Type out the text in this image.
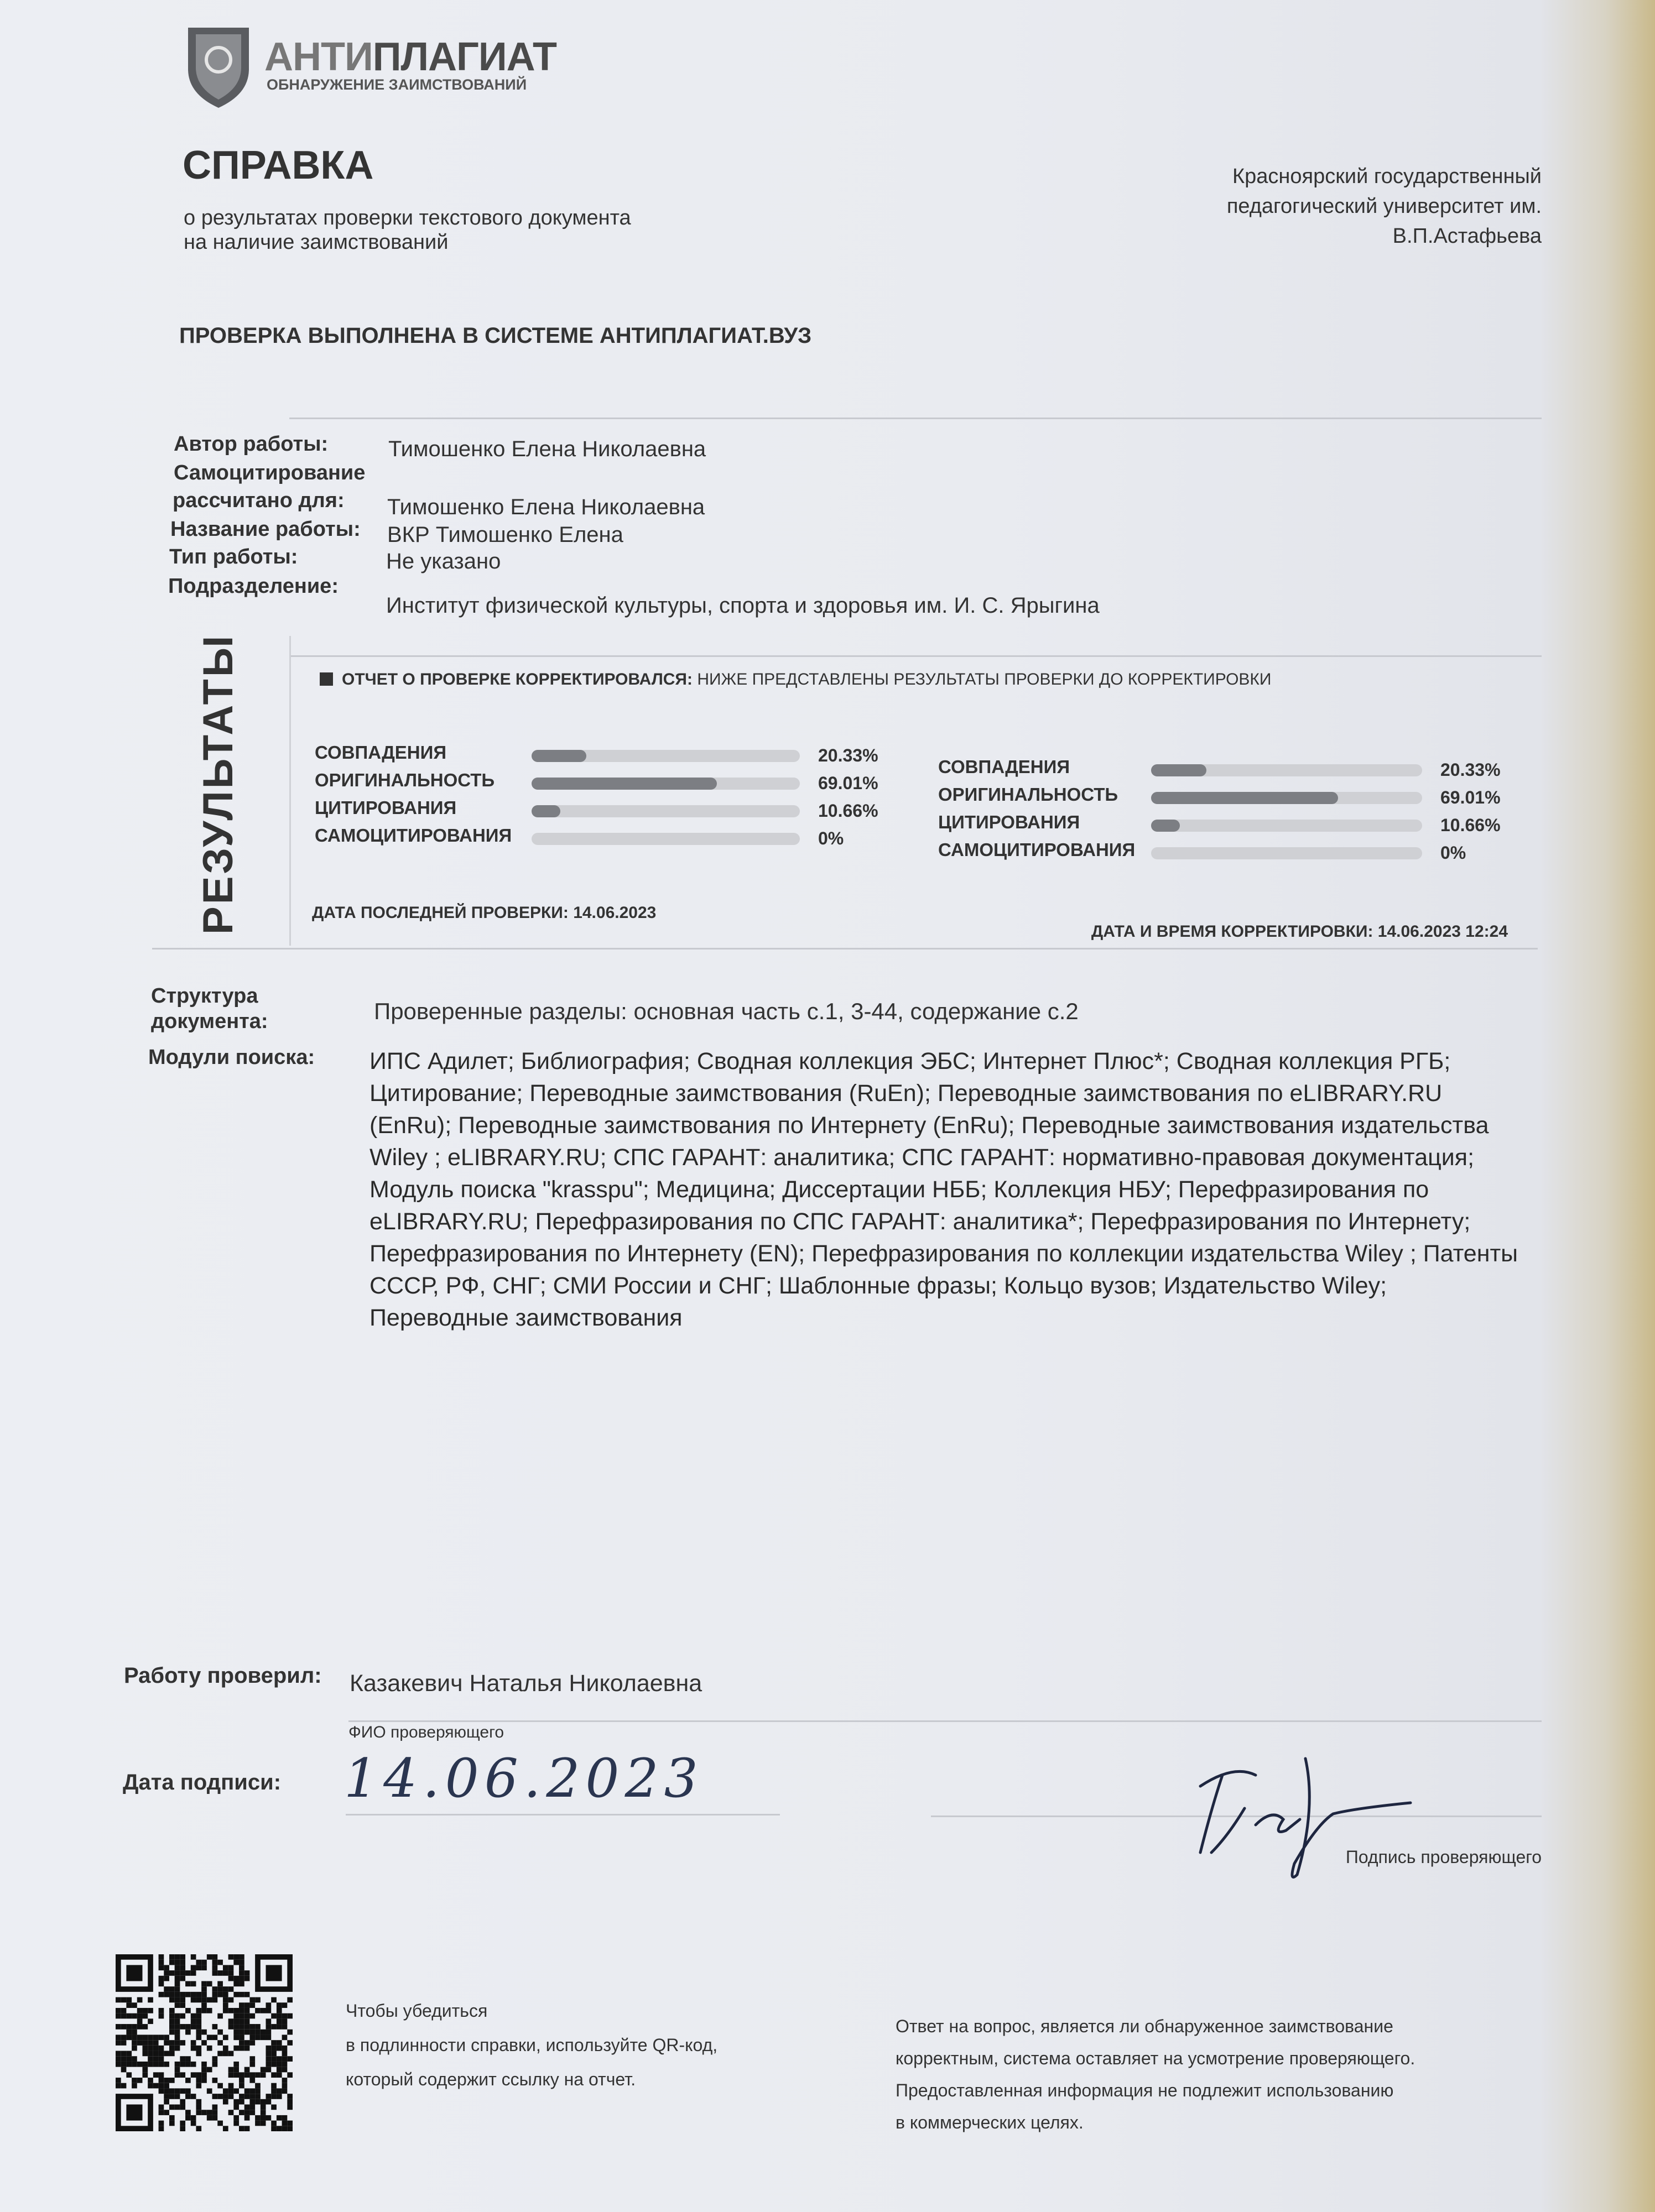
АНТИПЛАГИАТ
ОБНАРУЖЕНИЕ ЗАИМСТВОВАНИЙ
СПРАВКА
о результатах проверки текстового документа
на наличие заимствований
Красноярский государственный
педагогический университет им.
В.П.Астафьева
ПРОВЕРКА ВЫПОЛНЕНА В СИСТЕМЕ АНТИПЛАГИАТ.ВУЗ
Автор работы:	Тимошенко Елена Николаевна
Самоцитирование
рассчитано для: Тимошенко Елена Николаевна
Название работы: ВКР Тимошенко Елена
Тип работы:	Не указано
Подразделение:
Институт физической культуры, спорта и здоровья им. И. С. Ярыгина
РЕЗУЛЬТАТЫ	ОТЧЕТ О ПРОВЕРКЕ КОРРЕКТИРОВАЛСЯ: НИЖЕ ПРЕДСТАВЛЕНЫ РЕЗУЛЬТАТЫ ПРОВЕРКИ ДО КОРРЕКТИРОВКИ
СОВПАДЕНИЯ	20.33%
ОРИГИНАЛЬНОСТЬ	69.01%
ЦИТИРОВАНИЯ	10.66%
САМОЦИТИРОВАНИЯ	0%
СОВПАДЕНИЯ	20.33%
ОРИГИНАЛЬНОСТЬ	69.01%
ЦИТИРОВАНИЯ	10.66%
САМОЦИТИРОВАНИЯ	0%
ДАТА ПОСЛЕДНЕЙ ПРОВЕРКИ: 14.06.2023
ДАТА И ВРЕМЯ КОРРЕКТИРОВКИ: 14.06.2023 12:24
Структура
документа:	Проверенные разделы: основная часть с.1, 3-44, содержание с.2
Модули поиска: ИПС Адилет; Библиография; Сводная коллекция ЭБС; Интернет Плюс*; Сводная коллекция РГБ; Цитирование; Переводные заимствования (RuEn); Переводные заимствования по eLIBRARY.RU (EnRu); Переводные заимствования по Интернету (EnRu); Переводные заимствования издательства Wiley ; eLIBRARY.RU; СПС ГАРАНТ: аналитика; СПС ГАРАНТ: нормативно-правовая документация; Модуль поиска "krasspu"; Медицина; Диссертации НББ; Коллекция НБУ; Перефразирования по eLIBRARY.RU; Перефразирования по СПС ГАРАНТ: аналитика*; Перефразирования по Интернету; Перефразирования по Интернету (EN); Перефразирования по коллекции издательства Wiley ; Патенты СССР, РФ, СНГ; СМИ России и СНГ; Шаблонные фразы; Кольцо вузов; Издательство Wiley; Переводные заимствования
Работу проверил: Казакевич Наталья Николаевна
ФИО проверяющего
Дата подписи: 14.06.2023
Подпись проверяющего
Чтобы убедиться
в подлинности справки, используйте QR-код,
который содержит ссылку на отчет.
Ответ на вопрос, является ли обнаруженное заимствование
корректным, система оставляет на усмотрение проверяющего.
Предоставленная информация не подлежит использованию
в коммерческих целях.
